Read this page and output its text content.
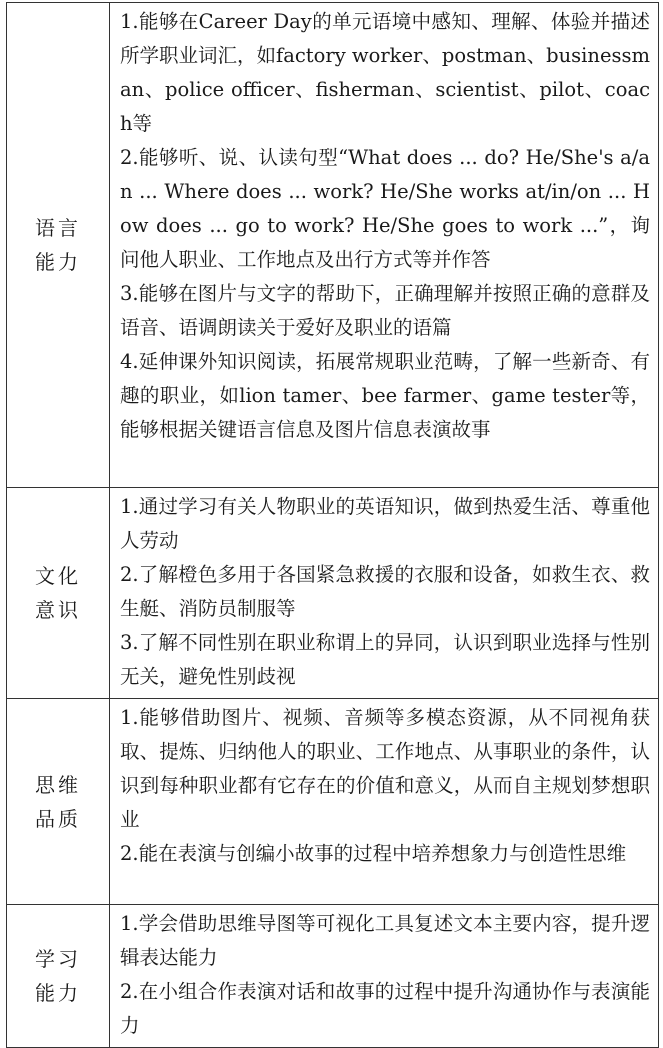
语言
能力	1.能够在Career Day的单元语境中感知、理解、体验并描述所学职业词汇，如factory worker、postman、businessman、police officer、fisherman、scientist、pilot、coach等
2.能够听、说、认读句型“What does ... do? He/She's a/an ... Where does ... work? He/She works at/in/on ... How does ... go to work? He/She goes to work ...”，询问他人职业、工作地点及出行方式等并作答
3.能够在图片与文字的帮助下，正确理解并按照正确的意群及语音、语调朗读关于爱好及职业的语篇
4.延伸课外知识阅读，拓展常规职业范畴，了解一些新奇、有趣的职业，如lion tamer、bee farmer、game tester等，能够根据关键语言信息及图片信息表演故事

文化
意识	1.通过学习有关人物职业的英语知识，做到热爱生活、尊重他人劳动
2.了解橙色多用于各国紧急救援的衣服和设备，如救生衣、救生艇、消防员制服等
3.了解不同性别在职业称谓上的异同，认识到职业选择与性别无关，避免性别歧视

思维
品质	1.能够借助图片、视频、音频等多模态资源，从不同视角获取、提炼、归纳他人的职业、工作地点、从事职业的条件，认识到每种职业都有它存在的价值和意义，从而自主规划梦想职业
2.能在表演与创编小故事的过程中培养想象力与创造性思维

学习
能力	1.学会借助思维导图等可视化工具复述文本主要内容，提升逻辑表达能力
2.在小组合作表演对话和故事的过程中提升沟通协作与表演能力
